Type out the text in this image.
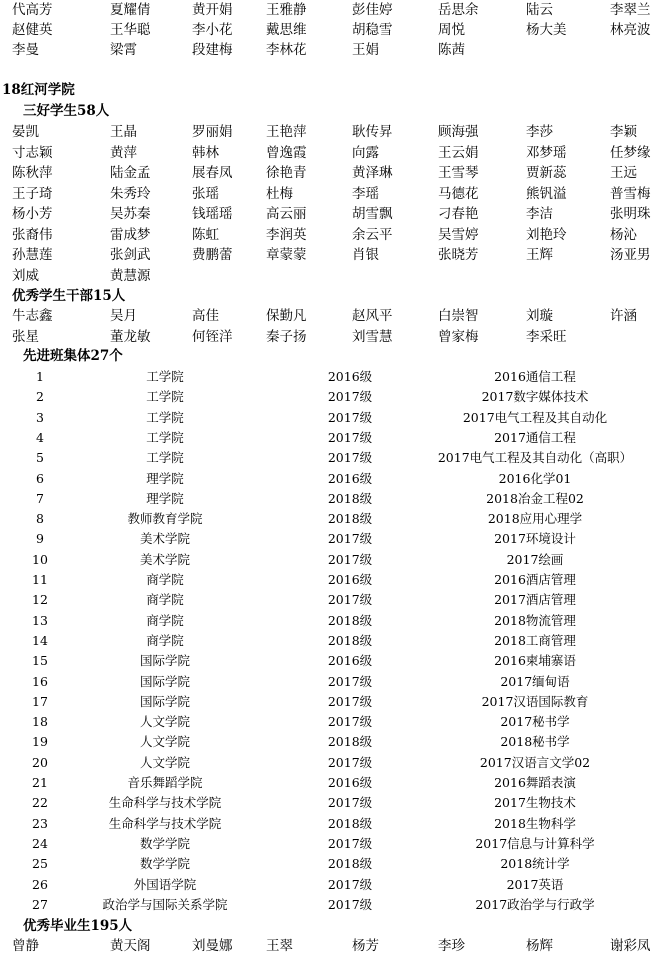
代高芳	夏耀倩	黄开娟	王雅静	彭佳婷	岳思余	陆云	李翠兰
赵健英	王华聪	李小花	戴思维	胡稳雪	周悦	杨大美	林亮波
李曼	梁霄	段建梅	李林花	王娟	陈茜
18红河学院
三好学生58人
晏凯	王晶	罗丽娟	王艳萍	耿传昇	顾海强	李莎	李颖
寸志颖	黄萍	韩林	曾逸霞	向露	王云娟	邓梦瑶	任梦缘
陈秋萍	陆金孟	展春凤	徐艳青	黄泽琳	王雪琴	贾新蕊	王远
王子琦	朱秀玲	张瑶	杜梅	李瑶	马德花	熊钒溢	普雪梅
杨小芳	吴苏秦	钱瑶瑶	高云丽	胡雪飘	刁春艳	李洁	张明珠
张裔伟	雷成梦	陈虹	李润英	余云平	吴雪婷	刘艳玲	杨沁
孙慧莲	张剑武	费鹏蕾	章蒙蒙	肖银	张晓芳	王辉	汤亚男
刘威	黄慧源
优秀学生干部15人
牛志鑫	吴月	高佳	保勤凡	赵风平	白崇智	刘璇	许涵
张星	董龙敏	何铚洋	秦子扬	刘雪慧	曾家梅	李采旺
先进班集体27个
1	工学院	2016级	2016通信工程
2	工学院	2017级	2017数字媒体技术
3	工学院	2017级	2017电气工程及其自动化
4	工学院	2017级	2017通信工程
5	工学院	2017级	2017电气工程及其自动化（高职）
6	理学院	2016级	2016化学01
7	理学院	2018级	2018冶金工程02
8	教师教育学院	2018级	2018应用心理学
9	美术学院	2017级	2017环境设计
10	美术学院	2017级	2017绘画
11	商学院	2016级	2016酒店管理
12	商学院	2017级	2017酒店管理
13	商学院	2018级	2018物流管理
14	商学院	2018级	2018工商管理
15	国际学院	2016级	2016柬埔寨语
16	国际学院	2017级	2017缅甸语
17	国际学院	2017级	2017汉语国际教育
18	人文学院	2017级	2017秘书学
19	人文学院	2018级	2018秘书学
20	人文学院	2017级	2017汉语言文学02
21	音乐舞蹈学院	2016级	2016舞蹈表演
22	生命科学与技术学院	2017级	2017生物技术
23	生命科学与技术学院	2018级	2018生物科学
24	数学学院	2017级	2017信息与计算科学
25	数学学院	2018级	2018统计学
26	外国语学院	2017级	2017英语
27	政治学与国际关系学院	2017级	2017政治学与行政学
优秀毕业生195人
曾静	黄天阁	刘曼娜	王翠	杨芳	李珍	杨辉	谢彩凤
